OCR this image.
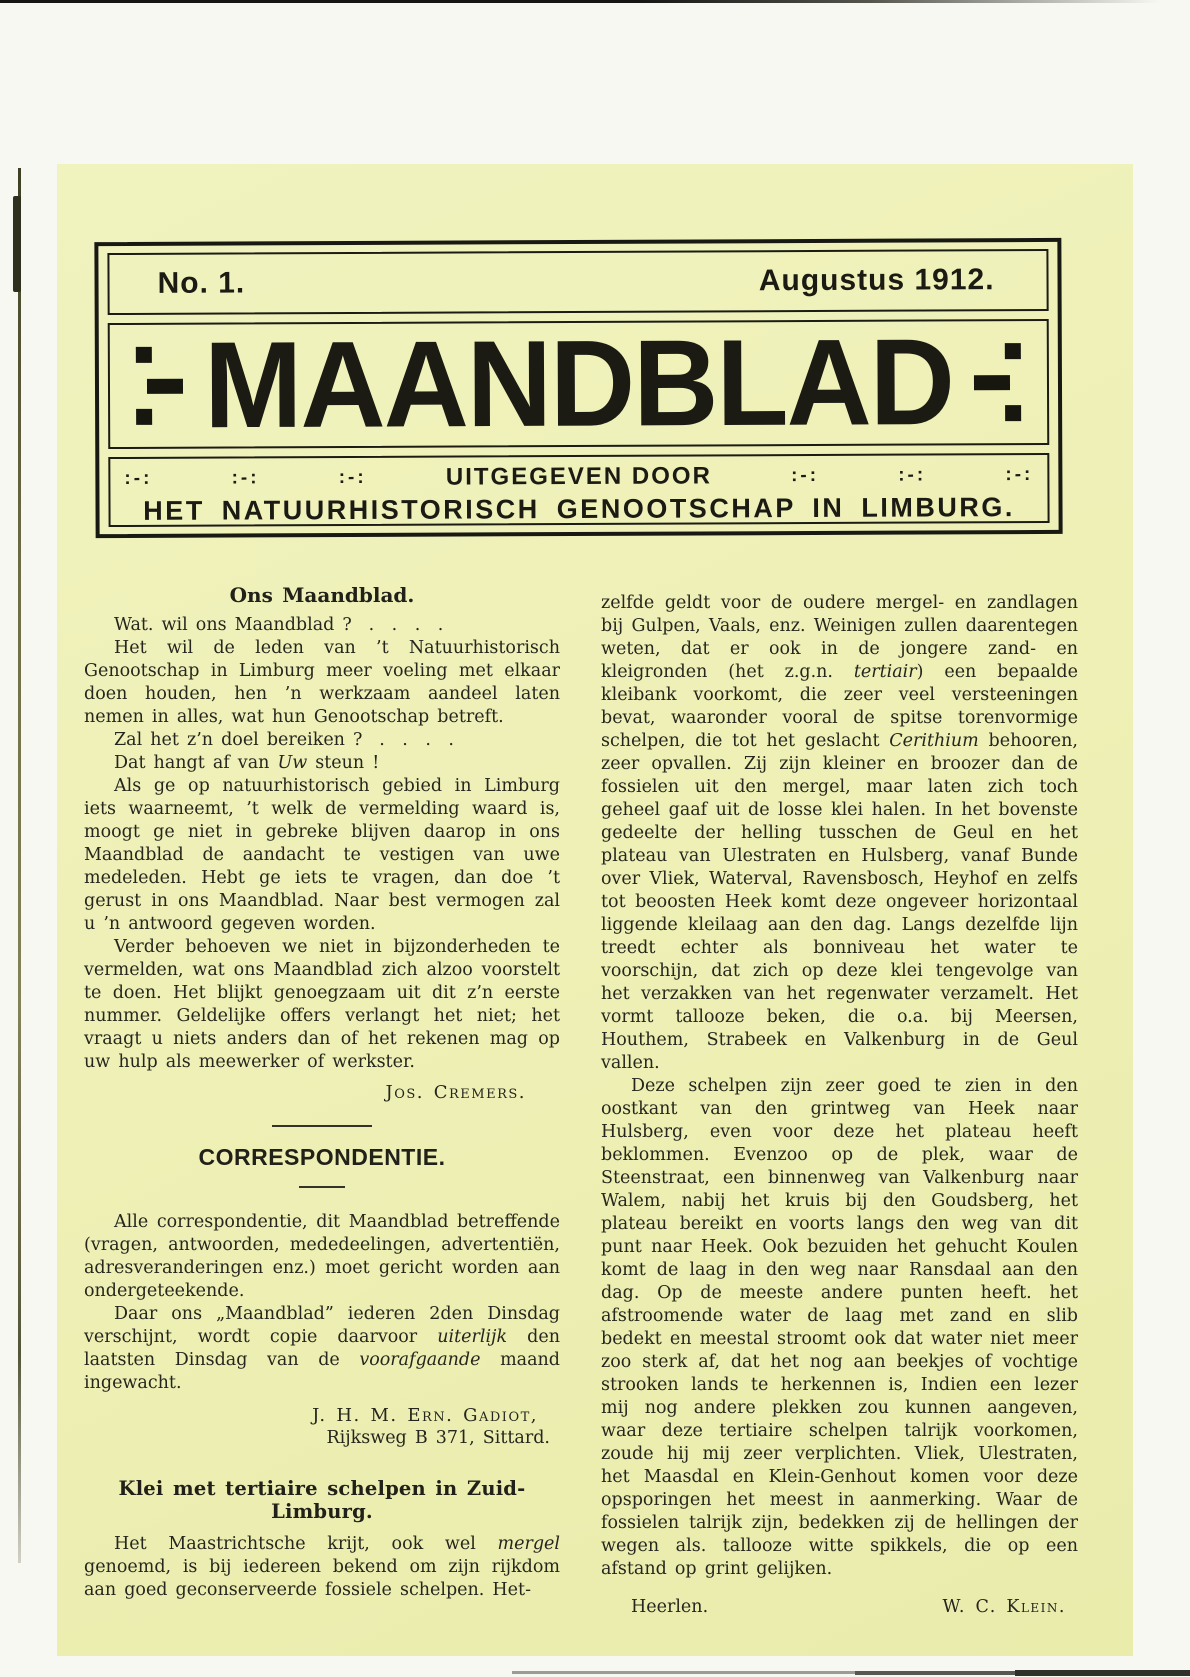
No. 1.	Augustus 1912.
MAANDBLAD
:-:	:-:	:-:	UITGEGEVEN DOOR	:-:	:-:	:-:
HET NATUURHISTORISCH GENOOTSCHAP IN LIMBURG.
Ons Maandblad.

Wat. wil ons Maandblad ?  .  .  .  .

Het wil de leden van ’t Natuurhistorisch Genootschap in Limburg meer voeling met elkaar doen houden, hen ’n werkzaam aandeel laten nemen in alles, wat hun Genootschap betreft.

Zal het z’n doel bereiken ?  .  .  .  .

Dat hangt af van Uw steun !

Als ge op natuurhistorisch gebied in Limburg iets waarneemt, ’t welk de vermelding waard is, moogt ge niet in gebreke blijven daarop in ons Maandblad de aandacht te vestigen van uwe medeleden. Hebt ge iets te vragen, dan doe ’t gerust in ons Maandblad. Naar best vermogen zal u ’n antwoord gegeven worden.

Verder behoeven we niet in bijzonderheden te vermelden, wat ons Maandblad zich alzoo voorstelt te doen. Het blijkt genoegzaam uit dit z’n eerste nummer. Geldelijke offers verlangt het niet; het vraagt u niets anders dan of het rekenen mag op uw hulp als meewerker of werkster.

Jos. Cremers.
CORRESPONDENTIE.

Alle correspondentie, dit Maandblad betreffende (vragen, antwoorden, mededeelingen, advertentiën, adresveranderingen enz.) moet gericht worden aan ondergeteekende.

Daar ons „Maandblad” iederen 2den Dinsdag verschijnt, wordt copie daarvoor uiterlijk den laatsten Dinsdag van de voorafgaande maand ingewacht.

J. H. M. Ern. Gadiot,
Rijksweg B 371, Sittard.
Klei met tertiaire schelpen in Zuid-Limburg.

Het Maastrichtsche krijt, ook wel mergel genoemd, is bij iedereen bekend om zijn rijkdom aan goed geconserveerde fossiele schelpen. Het-

zelfde geldt voor de oudere mergel- en zandlagen bij Gulpen, Vaals, enz. Weinigen zullen daarentegen weten, dat er ook in de jongere zand- en kleigronden (het z.g.n. tertiair) een bepaalde kleibank voorkomt, die zeer veel versteeningen bevat, waaronder vooral de spitse torenvormige schelpen, die tot het geslacht Cerithium behooren, zeer opvallen. Zij zijn kleiner en broozer dan de fossielen uit den mergel, maar laten zich toch geheel gaaf uit de losse klei halen. In het bovenste gedeelte der helling tusschen de Geul en het plateau van Ulestraten en Hulsberg, vanaf Bunde over Vliek, Waterval, Ravensbosch, Heyhof en zelfs tot beoosten Heek komt deze ongeveer horizontaal liggende kleilaag aan den dag. Langs dezelfde lijn treedt echter als bonniveau het water te voorschijn, dat zich op deze klei tengevolge van het verzakken van het regenwater verzamelt. Het vormt tallooze beken, die o.a. bij Meersen, Houthem, Strabeek en Valkenburg in de Geul vallen.

Deze schelpen zijn zeer goed te zien in den oostkant van den grintweg van Heek naar Hulsberg, even voor deze het plateau heeft beklommen. Evenzoo op de plek, waar de Steenstraat, een binnenweg van Valkenburg naar Walem, nabij het kruis bij den Goudsberg, het plateau bereikt en voorts langs den weg van dit punt naar Heek. Ook bezuiden het gehucht Koulen komt de laag in den weg naar Ransdaal aan den dag. Op de meeste andere punten heeft. het afstroomende water de laag met zand en slib bedekt en meestal stroomt ook dat water niet meer zoo sterk af, dat het nog aan beekjes of vochtige strooken lands te herkennen is, Indien een lezer mij nog andere plekken zou kunnen aangeven, waar deze tertiaire schelpen talrijk voorkomen, zoude hij mij zeer verplichten. Vliek, Ulestraten, het Maasdal en Klein-Genhout komen voor deze opsporingen het meest in aanmerking. Waar de fossielen talrijk zijn, bedekken zij de hellingen der wegen als. tallooze witte spikkels, die op een afstand op grint gelijken.

Heerlen.	W. C. Klein.
